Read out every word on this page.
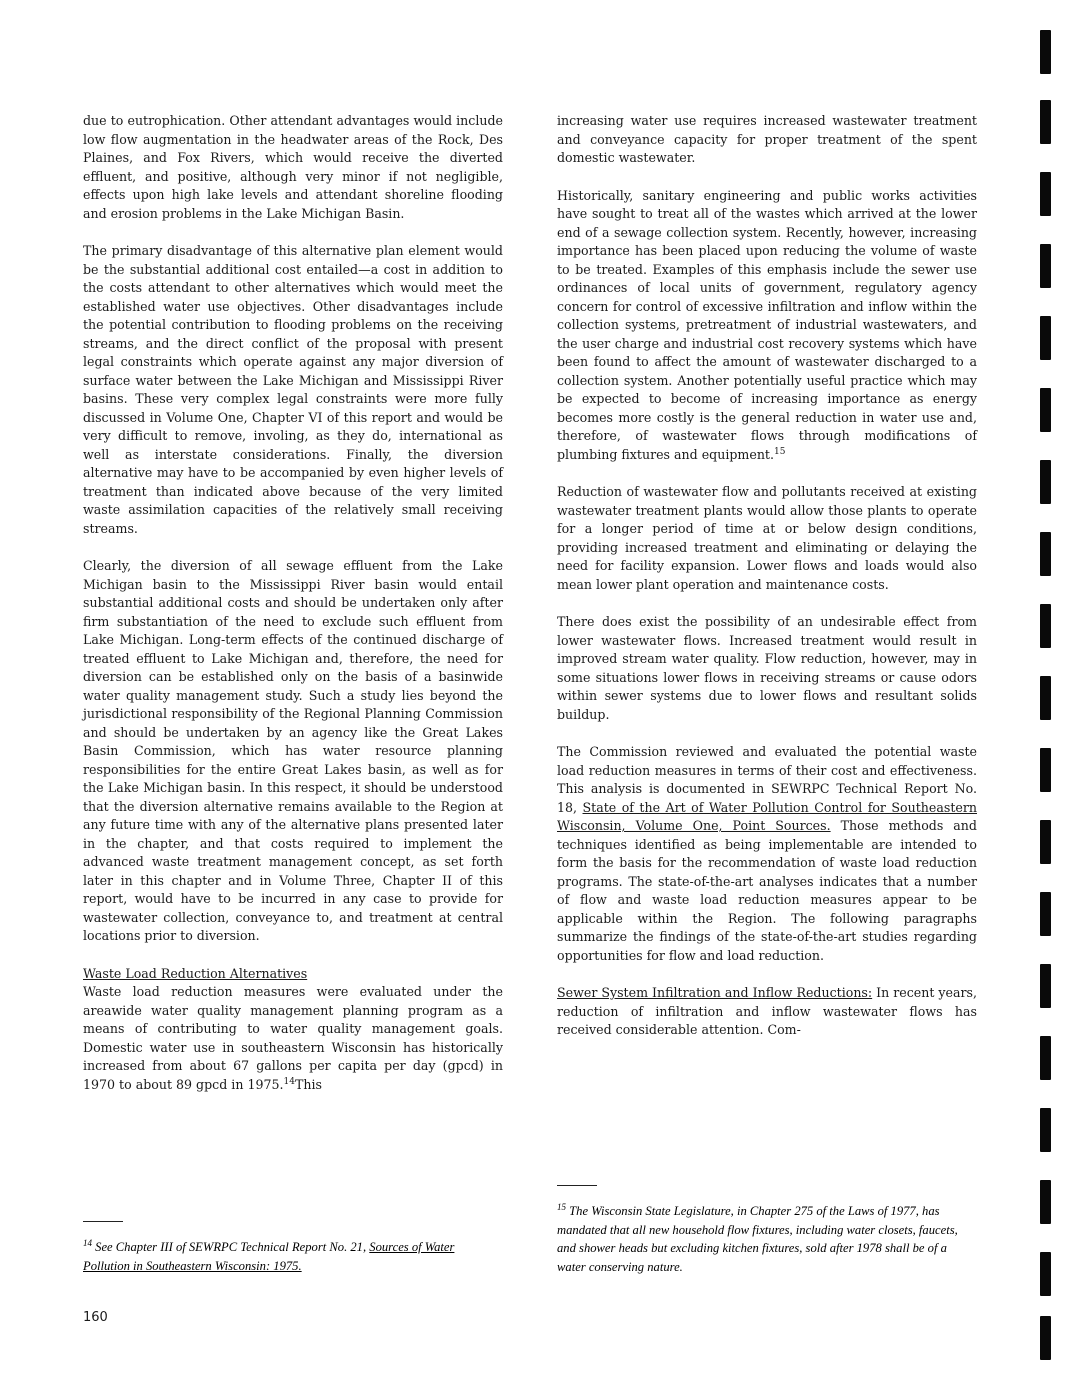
due to eutrophication. Other attendant advantages would include low flow augmentation in the headwater areas of the Rock, Des Plaines, and Fox Rivers, which would receive the diverted effluent, and positive, although very minor if not negligible, effects upon high lake levels and attendant shoreline flooding and erosion problems in the Lake Michigan Basin.

The primary disadvantage of this alternative plan element would be the substantial additional cost entailed—a cost in addition to the costs attendant to other alternatives which would meet the established water use objectives. Other disadvantages include the potential contribution to flooding problems on the receiving streams, and the direct conflict of the proposal with present legal constraints which operate against any major diversion of surface water between the Lake Michigan and Mississippi River basins. These very complex legal constraints were more fully discussed in Volume One, Chapter VI of this report and would be very difficult to remove, involing, as they do, international as well as interstate considerations. Finally, the diversion alternative may have to be accompanied by even higher levels of treatment than indicated above because of the very limited waste assimilation capacities of the relatively small receiving streams.

Clearly, the diversion of all sewage effluent from the Lake Michigan basin to the Mississippi River basin would entail substantial additional costs and should be undertaken only after firm substantiation of the need to exclude such effluent from Lake Michigan. Long-term effects of the continued discharge of treated effluent to Lake Michigan and, therefore, the need for diversion can be established only on the basis of a basinwide water quality management study. Such a study lies beyond the jurisdictional responsibility of the Regional Planning Commission and should be undertaken by an agency like the Great Lakes Basin Commission, which has water resource planning responsibilities for the entire Great Lakes basin, as well as for the Lake Michigan basin. In this respect, it should be understood that the diversion alternative remains available to the Region at any future time with any of the alternative plans presented later in the chapter, and that costs required to implement the advanced waste treatment management concept, as set forth later in this chapter and in Volume Three, Chapter II of this report, would have to be incurred in any case to provide for wastewater collection, conveyance to, and treatment at central locations prior to diversion.

Waste Load Reduction Alternatives

Waste load reduction measures were evaluated under the areawide water quality management planning program as a means of contributing to water quality management goals. Domestic water use in southeastern Wisconsin has historically increased from about 67 gallons per capita per day (gpcd) in 1970 to about 89 gpcd in 1975.14This

$^{14}$ See Chapter III of SEWRPC Technical Report No. 21, Sources of Water Pollution in Southeastern Wisconsin: 1975.

increasing water use requires increased wastewater treatment and conveyance capacity for proper treatment of the spent domestic wastewater.

Historically, sanitary engineering and public works activities have sought to treat all of the wastes which arrived at the lower end of a sewage collection system. Recently, however, increasing importance has been placed upon reducing the volume of waste to be treated. Examples of this emphasis include the sewer use ordinances of local units of government, regulatory agency concern for control of excessive infiltration and inflow within the collection systems, pretreatment of industrial wastewaters, and the user charge and industrial cost recovery systems which have been found to affect the amount of wastewater discharged to a collection system. Another potentially useful practice which may be expected to become of increasing importance as energy becomes more costly is the general reduction in water use and, therefore, of wastewater flows through modifications of plumbing fixtures and equipment.$^{15}$

Reduction of wastewater flow and pollutants received at existing wastewater treatment plants would allow those plants to operate for a longer period of time at or below design conditions, providing increased treatment and eliminating or delaying the need for facility expansion. Lower flows and loads would also mean lower plant operation and maintenance costs.

There does exist the possibility of an undesirable effect from lower wastewater flows. Increased treatment would result in improved stream water quality. Flow reduction, however, may in some situations lower flows in receiving streams or cause odors within sewer systems due to lower flows and resultant solids buildup.

The Commission reviewed and evaluated the potential waste load reduction measures in terms of their cost and effectiveness. This analysis is documented in SEWRPC Technical Report No. 18, State of the Art of Water Pollution Control for Southeastern Wisconsin, Volume One, Point Sources. Those methods and techniques identified as being implementable are intended to form the basis for the recommendation of waste load reduction programs. The state-of-the-art analyses indicates that a number of flow and waste load reduction measures appear to be applicable within the Region. The following paragraphs summarize the findings of the state-of-the-art studies regarding opportunities for flow and load reduction.

Sewer System Infiltration and Inflow Reductions: In recent years, reduction of infiltration and inflow wastewater flows has received considerable attention. Com-

$^{15}$ The Wisconsin State Legislature, in Chapter 275 of the Laws of 1977, has mandated that all new household flow fixtures, including water closets, faucets, and shower heads but excluding kitchen fixtures, sold after 1978 shall be of a water conserving nature.
160
